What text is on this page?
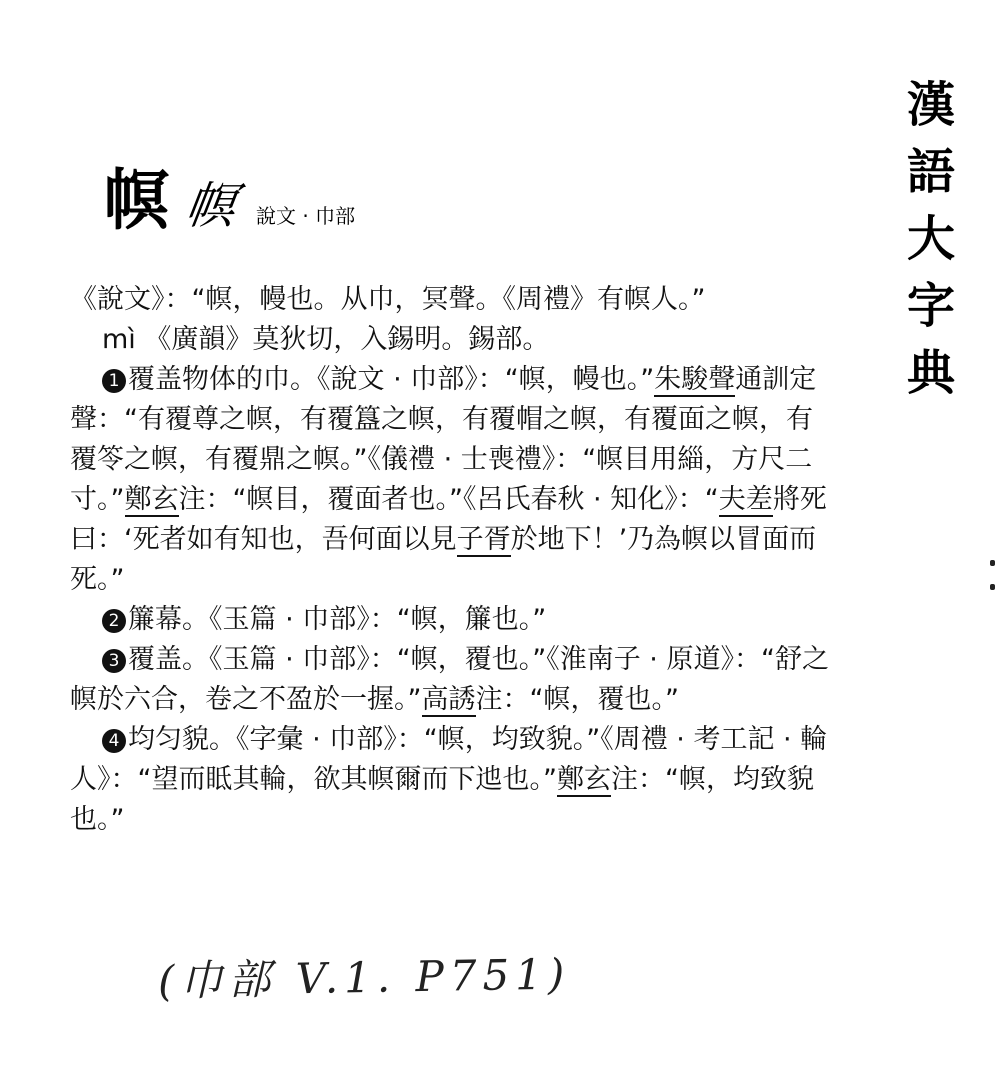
漢
語
大
字
典
幎 幎 說文 · 巾部

《說文》：“幎，幔也。从巾，冥聲。《周禮》有幎人。”

mì 《廣韻》莫狄切，入錫明。錫部。

1 覆盖物体的巾。《說文 · 巾部》：“幎，幔也。”朱駿聲通訓定聲：“有覆尊之幎，有覆簋之幎，有覆帽之幎，有覆面之幎，有覆笭之幎，有覆鼎之幎。”《儀禮 · 士喪禮》：“幎目用緇，方尺二寸。”鄭玄注：“幎目，覆面者也。”《呂氏春秋 · 知化》：“夫差將死曰：‘死者如有知也，吾何面以見子胥於地下！’乃為幎以冒面而死。”

2 簾幕。《玉篇 · 巾部》：“幎，簾也。”

3 覆盖。《玉篇 · 巾部》：“幎，覆也。”《淮南子 · 原道》：“舒之幎於六合，卷之不盈於一握。”高誘注：“幎，覆也。”

4 均匀貌。《字彙 · 巾部》：“幎，均致貌。”《周禮 · 考工記 · 輪人》：“望而眡其輪，欲其幎爾而下迆也。”鄭玄注：“幎，均致貌也。”

(巾部 V.1. P751)
